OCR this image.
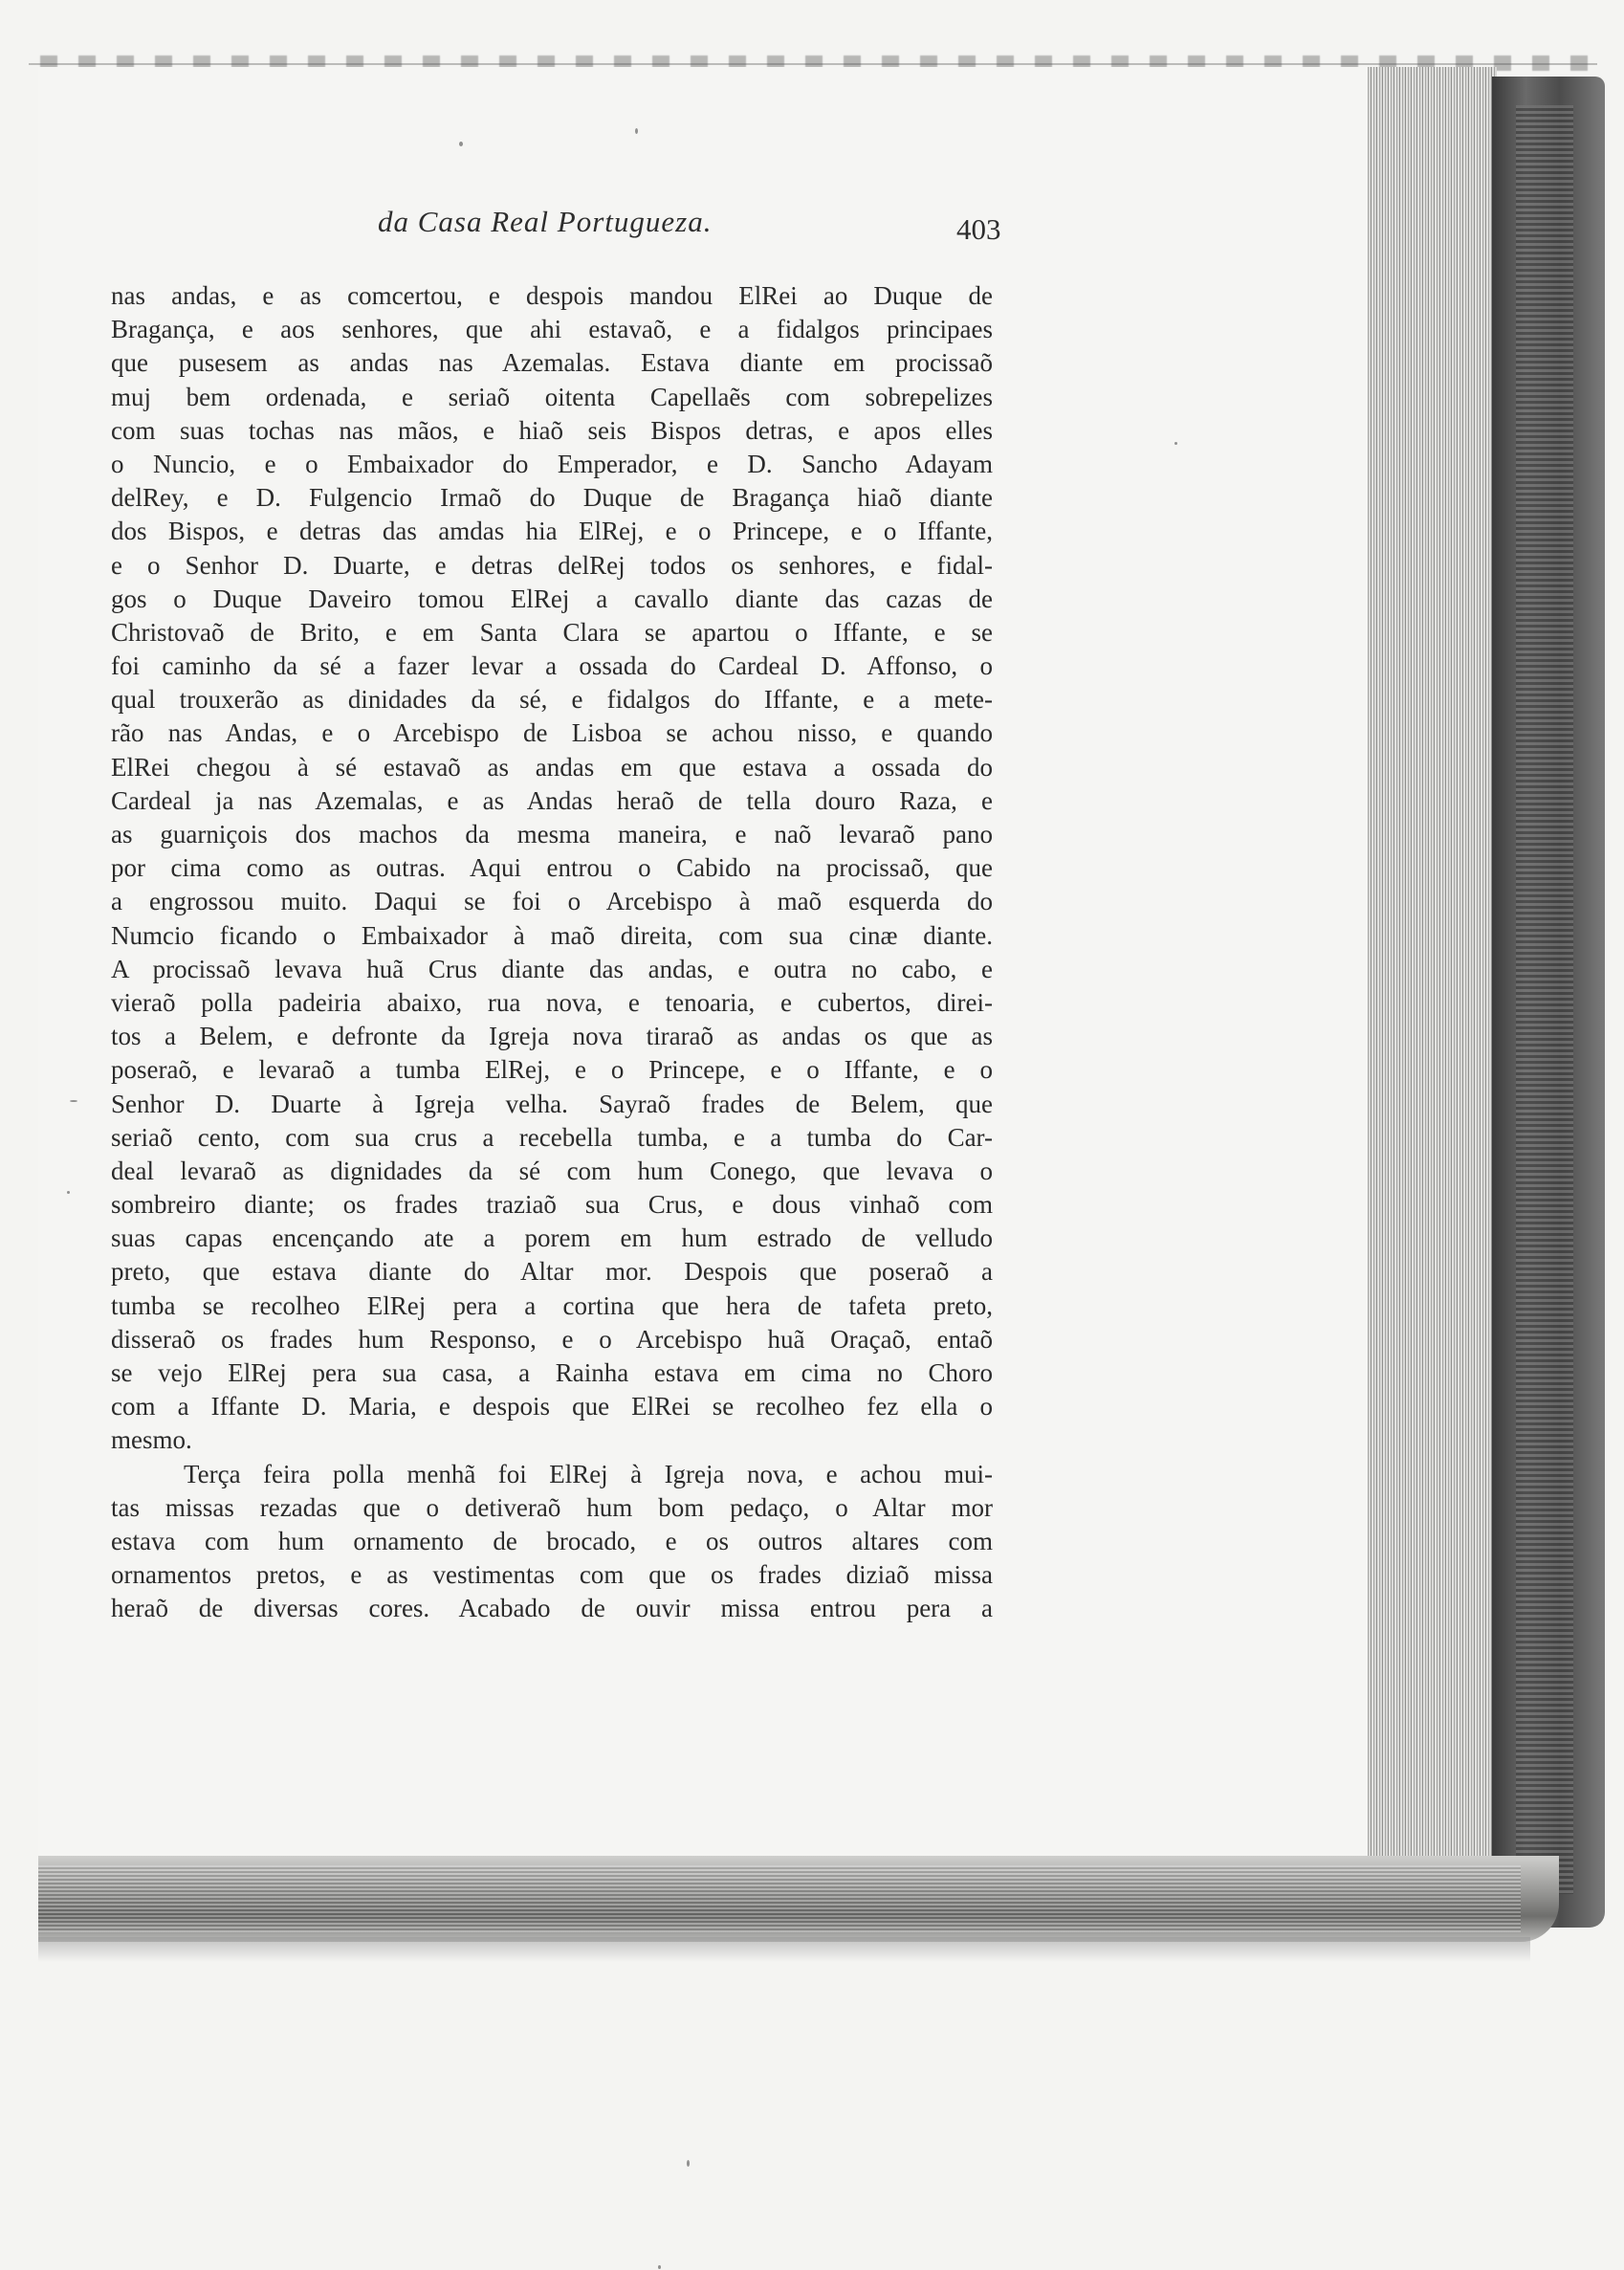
da Casa Real Portugueza.	403
nas andas, e as comcertou, e despois mandou ElRei ao Duque de
Bragança, e aos senhores, que ahi estavaõ, e a fidalgos principaes
que pusesem as andas nas Azemalas. Estava diante em procissaõ
muj bem ordenada, e seriaõ oitenta Capellaẽs com sobrepelizes
com suas tochas nas mãos, e hiaõ seis Bispos detras, e apos elles
o Nuncio, e o Embaixador do Emperador, e D. Sancho Adayam
delRey, e D. Fulgencio Irmaõ do Duque de Bragança hiaõ diante
dos Bispos, e detras das amdas hia ElRej, e o Princepe, e o Iffante,
e o Senhor D. Duarte, e detras delRej todos os senhores, e fidal-
gos o Duque Daveiro tomou ElRej a cavallo diante das cazas de
Christovaõ de Brito, e em Santa Clara se apartou o Iffante, e se
foi caminho da sé a fazer levar a ossada do Cardeal D. Affonso, o
qual trouxerão as dinidades da sé, e fidalgos do Iffante, e a mete-
rão nas Andas, e o Arcebispo de Lisboa se achou nisso, e quando
ElRei chegou à sé estavaõ as andas em que estava a ossada do
Cardeal ja nas Azemalas, e as Andas heraõ de tella douro Raza, e
as guarniçois dos machos da mesma maneira, e naõ levaraõ pano
por cima como as outras. Aqui entrou o Cabido na procissaõ, que
a engrossou muito. Daqui se foi o Arcebispo à maõ esquerda do
Numcio ficando o Embaixador à maõ direita, com sua cinæ diante.
A procissaõ levava huã Crus diante das andas, e outra no cabo, e
vieraõ polla padeiria abaixo, rua nova, e tenoaria, e cubertos, direi-
tos a Belem, e defronte da Igreja nova tiraraõ as andas os que as
poseraõ, e levaraõ a tumba ElRej, e o Princepe, e o Iffante, e o
Senhor D. Duarte à Igreja velha. Sayraõ frades de Belem, que
seriaõ cento, com sua crus a recebella tumba, e a tumba do Car-
deal levaraõ as dignidades da sé com hum Conego, que levava o
sombreiro diante; os frades traziaõ sua Crus, e dous vinhaõ com
suas capas encençando ate a porem em hum estrado de velludo
preto, que estava diante do Altar mor. Despois que poseraõ a
tumba se recolheo ElRej pera a cortina que hera de tafeta preto,
disseraõ os frades hum Responso, e o Arcebispo huã Oraçaõ, entaõ
se vejo ElRej pera sua casa, a Rainha estava em cima no Choro
com a Iffante D. Maria, e despois que ElRei se recolheo fez ella o
mesmo.
Terça feira polla menhã foi ElRej à Igreja nova, e achou mui-
tas missas rezadas que o detiveraõ hum bom pedaço, o Altar mor
estava com hum ornamento de brocado, e os outros altares com
ornamentos pretos, e as vestimentas com que os frades diziaõ missa
heraõ de diversas cores. Acabado de ouvir missa entrou pera a
